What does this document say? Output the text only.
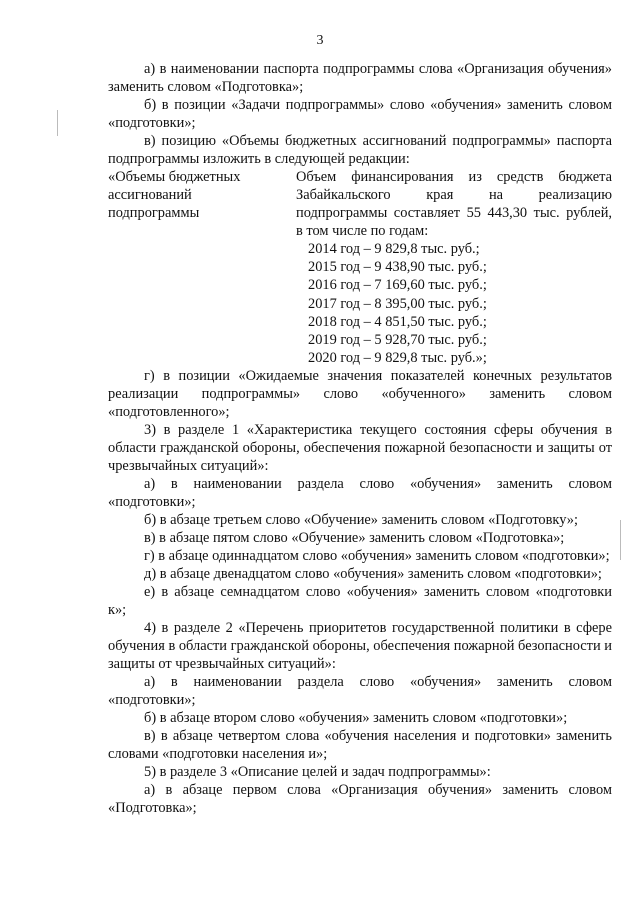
3

а) в наименовании паспорта подпрограммы слова «Организация обучения» заменить словом «Подготовка»;

б) в позиции «Задачи подпрограммы» слово «обучения» заменить словом «подготовки»;

в) позицию «Объемы бюджетных ассигнований подпрограммы» паспорта подпрограммы изложить в следующей редакции:

«Объемы бюджетных
ассигнований
подпрограммы
Объем финансирования из средств бюджета
Забайкальского края на реализацию
подпрограммы составляет 55 443,30 тыс. рублей,
в том числе по годам:
2014 год – 9 829,8 тыс. руб.;
2015 год – 9 438,90 тыс. руб.;
2016 год – 7 169,60 тыс. руб.;
2017 год – 8 395,00 тыс. руб.;
2018 год – 4 851,50 тыс. руб.;
2019 год – 5 928,70 тыс. руб.;
2020 год – 9 829,8 тыс. руб.»;

г) в позиции «Ожидаемые значения показателей конечных результатов реализации подпрограммы» слово «обученного» заменить словом «подготовленного»;

3) в разделе 1 «Характеристика текущего состояния сферы обучения в области гражданской обороны, обеспечения пожарной безопасности и защиты от чрезвычайных ситуаций»:

а) в наименовании раздела слово «обучения» заменить словом «подготовки»;

б) в абзаце третьем слово «Обучение» заменить словом «Подготовку»;

в) в абзаце пятом слово «Обучение» заменить словом «Подготовка»;

г) в абзаце одиннадцатом слово «обучения» заменить словом «подготовки»;

д) в абзаце двенадцатом слово «обучения» заменить словом «подготовки»;

е) в абзаце семнадцатом слово «обучения» заменить словом «подготовки к»;

4) в разделе 2 «Перечень приоритетов государственной политики в сфере обучения в области гражданской обороны, обеспечения пожарной безопасности и защиты от чрезвычайных ситуаций»:

а) в наименовании раздела слово «обучения» заменить словом «подготовки»;

б) в абзаце втором слово «обучения» заменить словом «подготовки»;

в) в абзаце четвертом слова «обучения населения и подготовки» заменить словами «подготовки населения и»;

5) в разделе 3 «Описание целей и задач подпрограммы»:

а) в абзаце первом слова «Организация обучения» заменить словом «Подготовка»;
